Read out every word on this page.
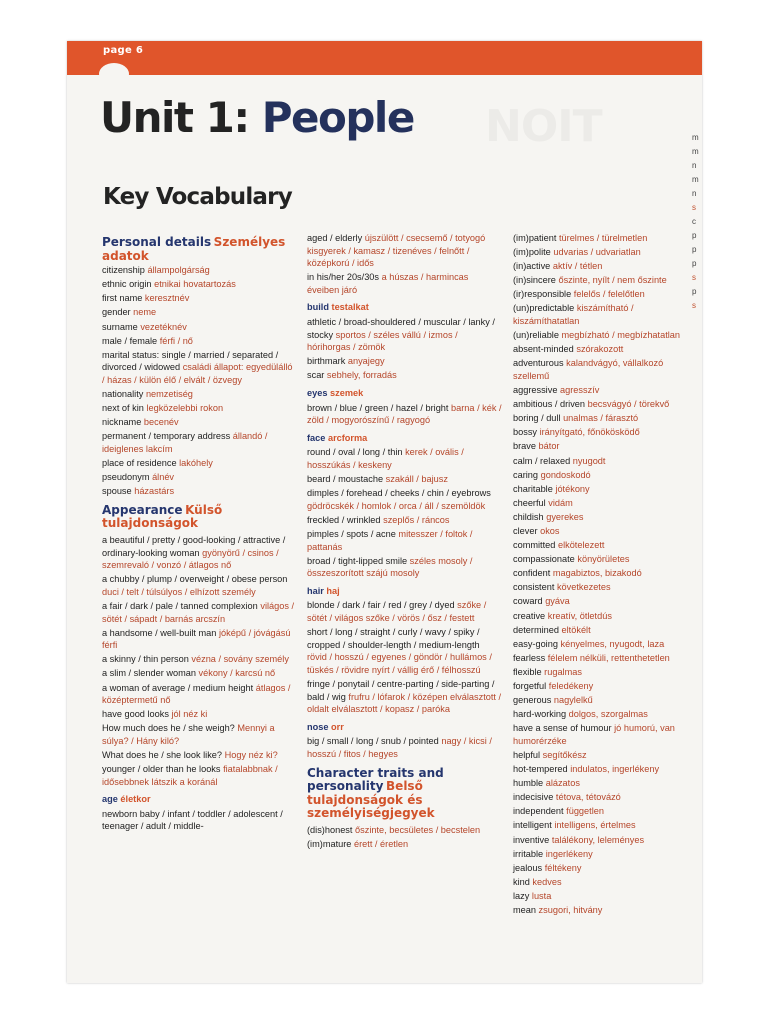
page 6
NOIT
Unit 1: People
Key Vocabulary
Personal details Személyes adatok
citizenship állampolgárság
ethnic origin etnikai hovatartozás
first name keresztnév
gender neme
surname vezetéknév
male / female férfi / nő
marital status: single / married / separated / divorced / widowed családi állapot: egyedülálló / házas / külön élő / elvált / özvegy
nationality nemzetiség
next of kin legközelebbi rokon
nickname becenév
permanent / temporary address állandó / ideiglenes lakcím
place of residence lakóhely
pseudonym álnév
spouse házastárs
Appearance Külső tulajdonságok
a beautiful / pretty / good-looking / attractive / ordinary-looking woman gyönyörű / csinos / szemrevaló / vonzó / átlagos nő
a chubby / plump / overweight / obese person duci / telt / túlsúlyos / elhízott személy
a fair / dark / pale / tanned complexion világos / sötét / sápadt / barnás arcszín
a handsome / well-built man jóképű / jóvágású férfi
a skinny / thin person vézna / sovány személy
a slim / slender woman vékony / karcsú nő
a woman of average / medium height átlagos / középtermetű nő
have good looks jól néz ki
How much does he / she weigh? Mennyi a súlya? / Hány kiló?
What does he / she look like? Hogy néz ki?
younger / older than he looks fiatalabbnak / idősebbnek látszik a koránál
age életkor
newborn baby / infant / toddler / adolescent / teenager / adult / middle-
aged / elderly újszülött / csecsemő / totyogó kisgyerek / kamasz / tizenéves / felnőtt / középkorú / idős
in his/her 20s/30s a húszas / harmincas éveiben járó
build testalkat
athletic / broad-shouldered / muscular / lanky / stocky sportos / széles vállú / izmos / hórihorgas / zömök
birthmark anyajegy
scar sebhely, forradás
eyes szemek
brown / blue / green / hazel / bright barna / kék / zöld / mogyorószínű / ragyogó
face arcforma
round / oval / long / thin kerek / ovális / hosszúkás / keskeny
beard / moustache szakáll / bajusz
dimples / forehead / cheeks / chin / eyebrows gödröcskék / homlok / orca / áll / szemöldök
freckled / wrinkled szeplős / ráncos
pimples / spots / acne mitesszer / foltok / pattanás
broad / tight-lipped smile széles mosoly / összeszorított szájú mosoly
hair haj
blonde / dark / fair / red / grey / dyed szőke / sötét / világos szőke / vörös / ősz / festett
short / long / straight / curly / wavy / spiky / cropped / shoulder-length / medium-length rövid / hosszú / egyenes / göndör / hullámos / tüskés / rövidre nyírt / vállig érő / félhosszú
fringe / ponytail / centre-parting / side-parting / bald / wig frufru / lófarok / középen elválasztott / oldalt elválasztott / kopasz / paróka
nose orr
big / small / long / snub / pointed nagy / kicsi / hosszú / fitos / hegyes
Character traits and personality Belső tulajdonságok és személyiségjegyek
(dis)honest őszinte, becsületes / becstelen
(im)mature érett / éretlen
(im)patient türelmes / türelmetlen
(im)polite udvarias / udvariatlan
(in)active aktív / tétlen
(in)sincere őszinte, nyílt / nem őszinte
(ir)responsible felelős / felelőtlen
(un)predictable kiszámítható / kiszámíthatatlan
(un)reliable megbízható / megbízhatatlan
absent-minded szórakozott
adventurous kalandvágyó, vállalkozó szellemű
aggressive agresszív
ambitious / driven becsvágyó / törekvő
boring / dull unalmas / fárasztó
bossy irányítgató, főnökösködő
brave bátor
calm / relaxed nyugodt
caring gondoskodó
charitable jótékony
cheerful vidám
childish gyerekes
clever okos
committed elkötelezett
compassionate könyörületes
confident magabiztos, bizakodó
consistent következetes
coward gyáva
creative kreatív, ötletdús
determined eltökélt
easy-going kényelmes, nyugodt, laza
fearless félelem nélküli, rettenthetetlen
flexible rugalmas
forgetful feledékeny
generous nagylelkű
hard-working dolgos, szorgalmas
have a sense of humour jó humorú, van humorérzéke
helpful segítőkész
hot-tempered indulatos, ingerlékeny
humble alázatos
indecisive tétova, tétovázó
independent független
intelligent intelligens, értelmes
inventive találékony, leleményes
irritable ingerlékeny
jealous féltékeny
kind kedves
lazy lusta
mean zsugori, hitvány
m
m
n
m
n
s
c
p
p
p
s
p
s
